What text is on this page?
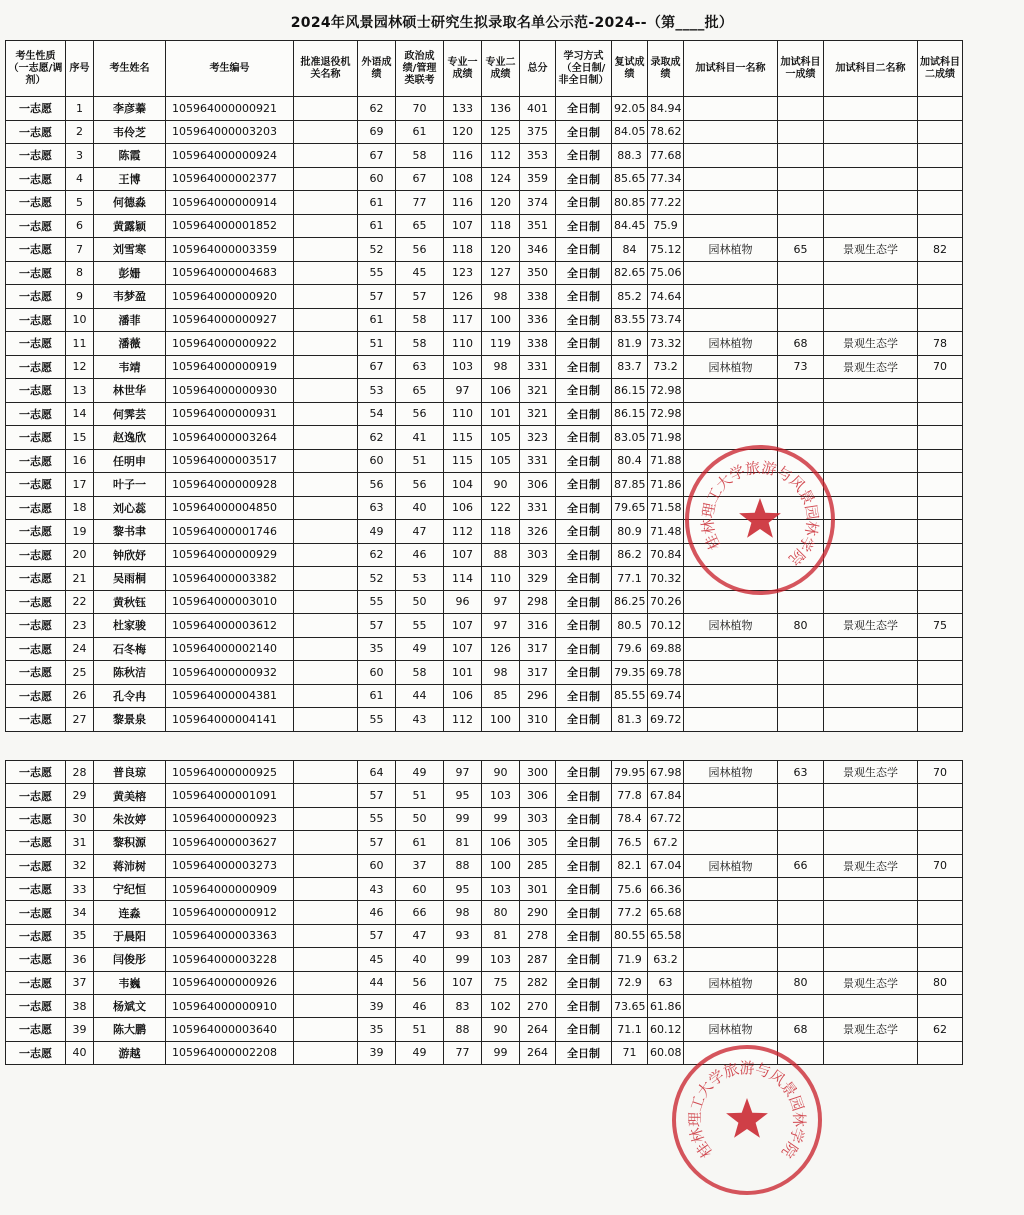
2024年风景园林硕士研究生拟录取名单公示范-2024--（第____批）
考生性质（一志愿/调剂）	序号	考生姓名	考生编号	批准退役机关名称	外语成绩	政治成绩/管理类联考	专业一成绩	专业二成绩	总分	学习方式（全日制/非全日制）	复试成绩	录取成绩	加试科目一名称	加试科目一成绩	加试科目二名称	加试科目二成绩
一志愿	1	李彦蓁	105964000000921		62	70	133	136	401	全日制	92.05	84.94				
一志愿	2	韦伶芝	105964000003203		69	61	120	125	375	全日制	84.05	78.62				
一志愿	3	陈霞	105964000000924		67	58	116	112	353	全日制	88.3	77.68				
一志愿	4	王博	105964000002377		60	67	108	124	359	全日制	85.65	77.34				
一志愿	5	何德淼	105964000000914		61	77	116	120	374	全日制	80.85	77.22				
一志愿	6	黄露颖	105964000001852		61	65	107	118	351	全日制	84.45	75.9				
一志愿	7	刘雪寒	105964000003359		52	56	118	120	346	全日制	84	75.12	园林植物	65	景观生态学	82
一志愿	8	彭姗	105964000004683		55	45	123	127	350	全日制	82.65	75.06				
一志愿	9	韦梦盈	105964000000920		57	57	126	98	338	全日制	85.2	74.64				
一志愿	10	潘菲	105964000000927		61	58	117	100	336	全日制	83.55	73.74				
一志愿	11	潘薇	105964000000922		51	58	110	119	338	全日制	81.9	73.32	园林植物	68	景观生态学	78
一志愿	12	韦靖	105964000000919		67	63	103	98	331	全日制	83.7	73.2	园林植物	73	景观生态学	70
一志愿	13	林世华	105964000000930		53	65	97	106	321	全日制	86.15	72.98				
一志愿	14	何霁芸	105964000000931		54	56	110	101	321	全日制	86.15	72.98				
一志愿	15	赵逸欣	105964000003264		62	41	115	105	323	全日制	83.05	71.98				
一志愿	16	任明申	105964000003517		60	51	115	105	331	全日制	80.4	71.88				
一志愿	17	叶子一	105964000000928		56	56	104	90	306	全日制	87.85	71.86				
一志愿	18	刘心蕊	105964000004850		63	40	106	122	331	全日制	79.65	71.58				
一志愿	19	黎书聿	105964000001746		49	47	112	118	326	全日制	80.9	71.48				
一志愿	20	钟欣妤	105964000000929		62	46	107	88	303	全日制	86.2	70.84				
一志愿	21	吴雨桐	105964000003382		52	53	114	110	329	全日制	77.1	70.32				
一志愿	22	黄秋钰	105964000003010		55	50	96	97	298	全日制	86.25	70.26				
一志愿	23	杜家骏	105964000003612		57	55	107	97	316	全日制	80.5	70.12	园林植物	80	景观生态学	75
一志愿	24	石冬梅	105964000002140		35	49	107	126	317	全日制	79.6	69.88				
一志愿	25	陈秋洁	105964000000932		60	58	101	98	317	全日制	79.35	69.78				
一志愿	26	孔令冉	105964000004381		61	44	106	85	296	全日制	85.55	69.74				
一志愿	27	黎景泉	105964000004141		55	43	112	100	310	全日制	81.3	69.72				
一志愿	28	普良琼	105964000000925		64	49	97	90	300	全日制	79.95	67.98	园林植物	63	景观生态学	70
一志愿	29	黄美榕	105964000001091		57	51	95	103	306	全日制	77.8	67.84				
一志愿	30	朱汝婷	105964000000923		55	50	99	99	303	全日制	78.4	67.72				
一志愿	31	黎积源	105964000003627		57	61	81	106	305	全日制	76.5	67.2				
一志愿	32	蒋沛树	105964000003273		60	37	88	100	285	全日制	82.1	67.04	园林植物	66	景观生态学	70
一志愿	33	宁纪恒	105964000000909		43	60	95	103	301	全日制	75.6	66.36				
一志愿	34	连淼	105964000000912		46	66	98	80	290	全日制	77.2	65.68				
一志愿	35	于晨阳	105964000003363		57	47	93	81	278	全日制	80.55	65.58				
一志愿	36	闫俊彤	105964000003228		45	40	99	103	287	全日制	71.9	63.2				
一志愿	37	韦巍	105964000000926		44	56	107	75	282	全日制	72.9	63	园林植物	80	景观生态学	80
一志愿	38	杨斌文	105964000000910		39	46	83	102	270	全日制	73.65	61.86				
一志愿	39	陈大鹏	105964000003640		35	51	88	90	264	全日制	71.1	60.12	园林植物	68	景观生态学	62
一志愿	40	游越	105964000002208		39	49	77	99	264	全日制	71	60.08				
桂
林
理
工
大
学
旅
游
与
风
景
园
林
学
院
桂
林
理
工
大
学
旅
游
与
风
景
园
林
学
院
